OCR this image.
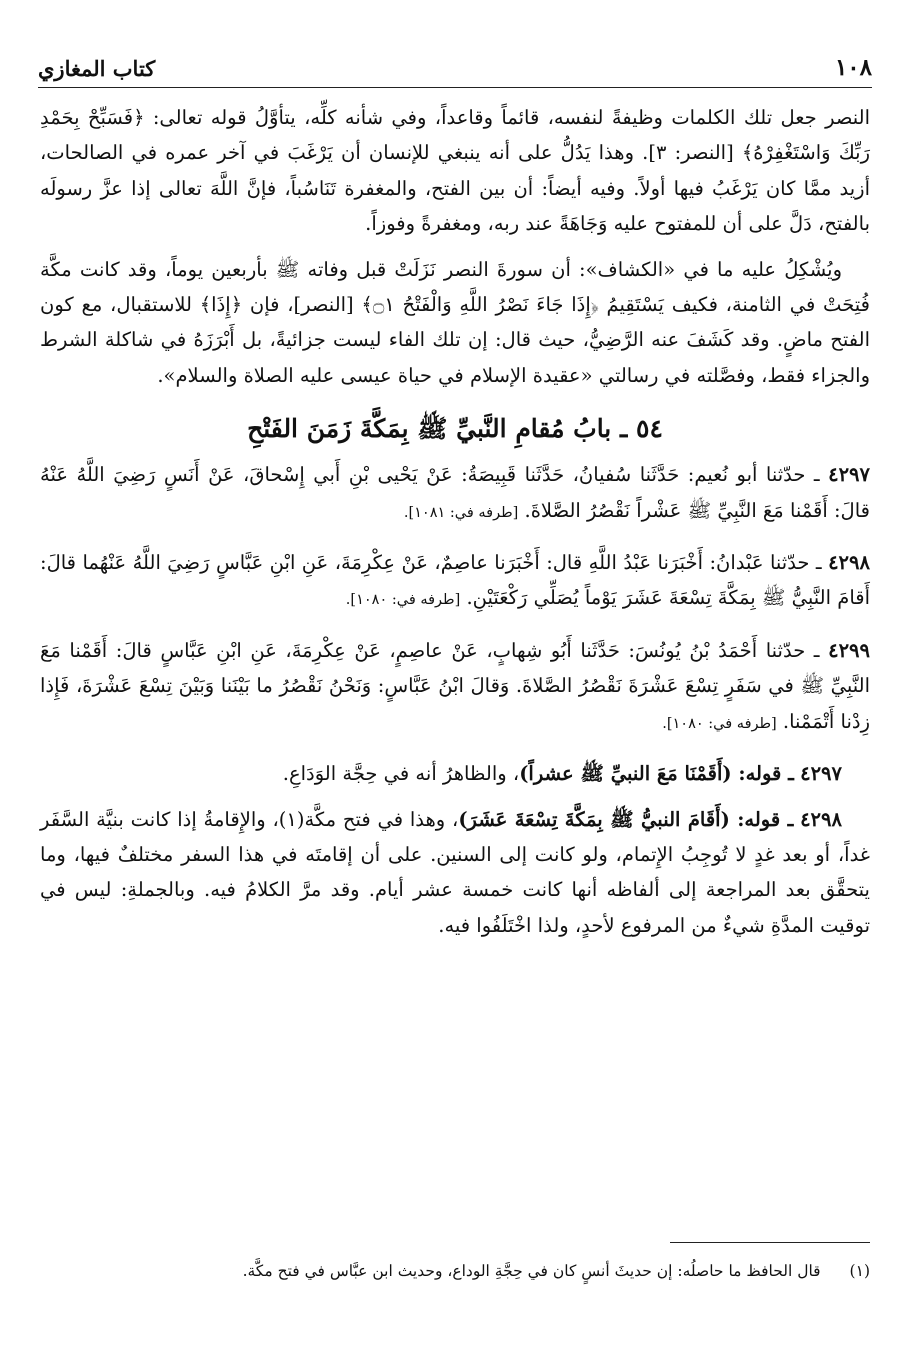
١٠٨
كتاب المغازي

النصر جعل تلك الكلمات وظيفةً لنفسه، قائماً وقاعداً، وفي شأنه كلِّه، يتأوَّلُ قوله تعالى: ﴿فَسَبِّحْ بِحَمْدِ رَبِّكَ وَاسْتَغْفِرْهُ﴾ [النصر: ٣]. وهذا يَدُلُّ على أنه ينبغي للإنسان أن يَرْغَبَ في آخر عمره في الصالحات، أزيد ممَّا كان يَرْغَبُ فيها أولاً. وفيه أيضاً: أن بين الفتح، والمغفرة تَنَاسُباً، فإنَّ اللَّهَ تعالى إذا عزَّ رسولَه بالفتح، دَلَّ على أن للمفتوح عليه وَجَاهَةً عند ربه، ومغفرةً وفوزاً.

ويُشْكِلُ عليه ما في «الكشاف»: أن سورةَ النصر نَزَلَتْ قبل وفاته ﷺ بأربعين يوماً، وقد كانت مكَّة فُتِحَتْ في الثامنة، فكيف يَسْتَقِيمُ ﴿إِذَا جَاءَ نَصْرُ اللَّهِ وَالْفَتْحُ ۝١﴾ [النصر]، فإن ﴿إِذَا﴾ للاستقبال، مع كون الفتح ماضٍ. وقد كَشَفَ عنه الرَّضِيُّ، حيث قال: إن تلك الفاء ليست جزائيةً، بل أَبْرَزَهُ في شاكلة الشرط والجزاء فقط، وفصَّلته في رسالتي «عقيدة الإسلام في حياة عيسى عليه الصلاة والسلام».

٥٤ ـ بابُ مُقامِ النَّبيِّ ﷺ بِمَكَّةَ زَمَنَ الفَتْحِ

٤٢٩٧ ـ حدّثنا أبو نُعيم: حَدَّثَنا سُفيانُ، حَدَّثَنا قَبِيصَةُ: عَنْ يَحْيى بْنِ أَبي إِسْحاقَ، عَنْ أَنَسٍ رَضِيَ اللَّهُ عَنْهُ قالَ: أَقَمْنا مَعَ النَّبِيِّ ﷺ عَشْراً نَقْصُرُ الصَّلاةَ. [طرفه في: ١٠٨١].

٤٢٩٨ ـ حدّثنا عَبْدانُ: أَخْبَرَنا عَبْدُ اللَّهِ قال: أَخْبَرَنا عاصِمٌ، عَنْ عِكْرِمَةَ، عَنِ ابْنِ عَبَّاسٍ رَضِيَ اللَّهُ عَنْهُما قالَ: أَقامَ النَّبِيُّ ﷺ بِمَكَّةَ تِسْعَةَ عَشَرَ يَوْماً يُصَلِّي رَكْعَتَيْنِ. [طرفه في: ١٠٨٠].

٤٢٩٩ ـ حدّثنا أَحْمَدُ بْنُ يُونُسَ: حَدَّثَنا أَبُو شِهابٍ، عَنْ عاصِمٍ، عَنْ عِكْرِمَةَ، عَنِ ابْنِ عَبَّاسٍ قالَ: أَقَمْنا مَعَ النَّبِيِّ ﷺ في سَفَرٍ تِسْعَ عَشْرَةَ نَقْصُرُ الصَّلاةَ. وَقالَ ابْنُ عَبَّاسٍ: وَنَحْنُ نَقْصُرُ ما بَيْنَنا وَبَيْنَ تِسْعَ عَشْرَةَ، فَإِذا زِدْنا أَتْمَمْنا. [طرفه في: ١٠٨٠].

٤٢٩٧ ـ قوله: (أَقَمْنَا مَعَ النبيِّ ﷺ عشراً)، والظاهرُ أنه في حِجَّة الوَدَاعِ.

٤٢٩٨ ـ قوله: (أَقَامَ النبيُّ ﷺ بِمَكَّةَ تِسْعَةَ عَشَرَ)، وهذا في فتح مكَّة(١)، والإِقامةُ إذا كانت بنيَّة السَّفَر غداً، أو بعد غدٍ لا تُوجِبُ الإِتمام، ولو كانت إلى السنين. على أن إقامتَه في هذا السفر مختلفٌ فيها، وما يتحقَّق بعد المراجعة إلى ألفاظه أنها كانت خمسة عشر أيام. وقد مرَّ الكلامُ فيه. وبالجملةِ: ليس في توقيت المدَّةِ شيءٌ من المرفوع لأحدٍ، ولذا اخْتَلَفُوا فيه.

(١) قال الحافظ ما حاصلُه: إن حديثَ أنسٍ كان في حِجَّةِ الوداع، وحديث ابن عبَّاس في فتح مكَّة.
